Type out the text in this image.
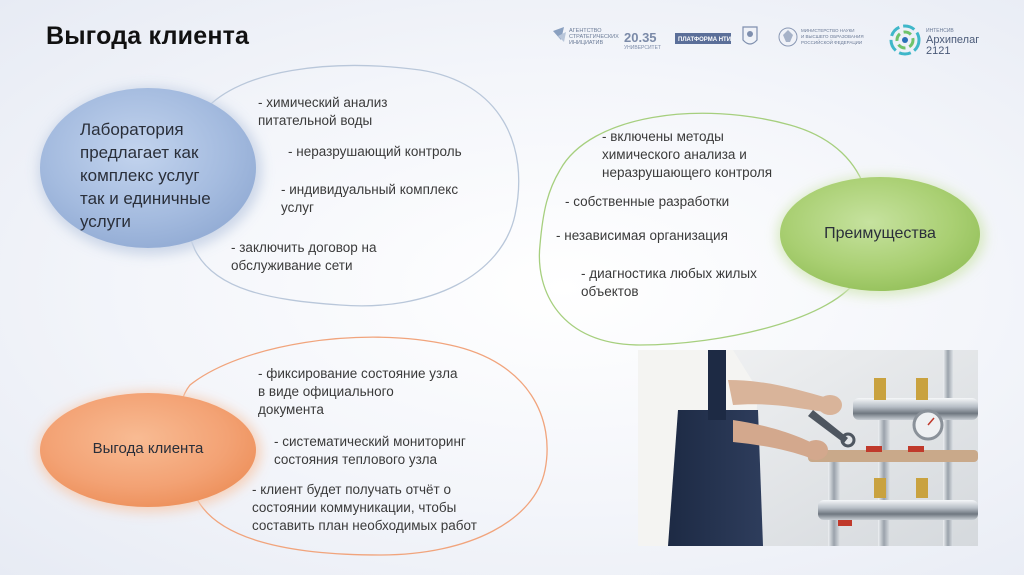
Выгода клиента	АГЕНТСТВО
СТРАТЕГИЧЕСКИХ
ИНИЦИАТИВ 20.35
УНИВЕРСИТЕТ
ПЛАТФОРМА НТИ
МИНИСТЕРСТВО НАУКИ
И ВЫСШЕГО ОБРАЗОВАНИЯ
РОССИЙСКОЙ ФЕДЕРАЦИИ
ИНТЕНСИВ
Архипелаг
2121
Лаборатория
предлагает как
комплекс услуг
так и единичные
услуги
- химический анализ
питательной воды
- неразрушающий контроль
- индивидуальный комплекс
услуг
- заключить договор на
обслуживание сети
Преимущества
- включены методы
химического анализа и
неразрушающего контроля
- собственные разработки
- независимая организация
- диагностика любых жилых
объектов
Выгода клиента
- фиксирование состояние узла
в виде официального
документа
- систематический мониторинг
состояния теплового узла
- клиент будет получать отчёт о
состоянии коммуникации, чтобы
составить план необходимых работ
